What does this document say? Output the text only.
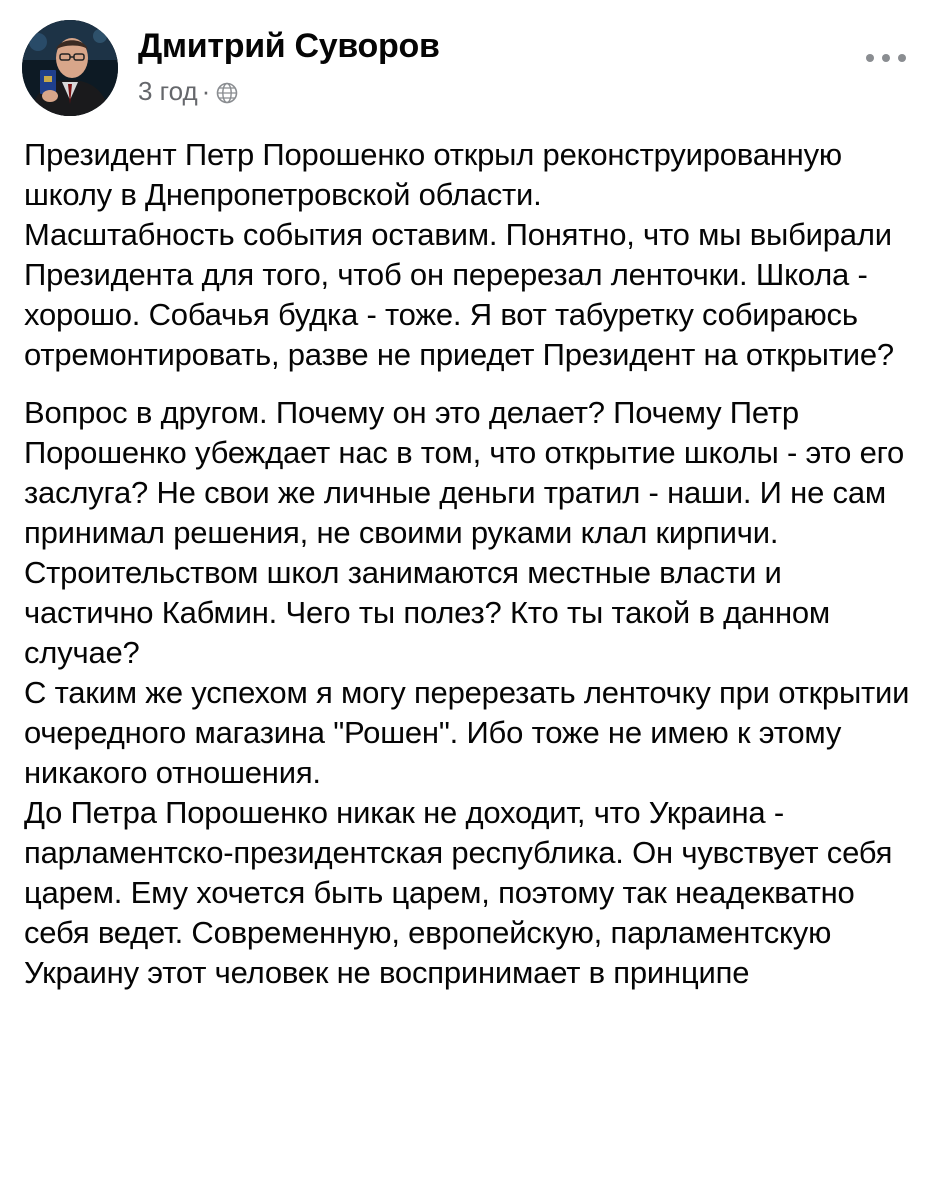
Дмитрий Суворов
3 год ·

Президент Петр Порошенко открыл реконструированную школу в Днепропетровской области.

Масштабность события оставим. Понятно, что мы выбирали Президента для того, чтоб он перерезал ленточки. Школа - хорошо. Собачья будка - тоже. Я вот табуретку собираюсь отремонтировать, разве не приедет Президент на открытие?

Вопрос в другом. Почему он это делает? Почему Петр Порошенко убеждает нас в том, что открытие школы - это его заслуга? Не свои же личные деньги тратил - наши. И не сам принимал решения, не своими руками клал кирпичи. Строительством школ занимаются местные власти и частично Кабмин. Чего ты полез? Кто ты такой в данном случае?

С таким же успехом я могу перерезать ленточку при открытии очередного магазина "Рошен". Ибо тоже не имею к этому никакого отношения.

До Петра Порошенко никак не доходит, что Украина - парламентско-президентская республика. Он чувствует себя царем. Ему хочется быть царем, поэтому так неадекватно себя ведет. Современную, европейскую, парламентскую Украину этот человек не воспринимает в принципе
